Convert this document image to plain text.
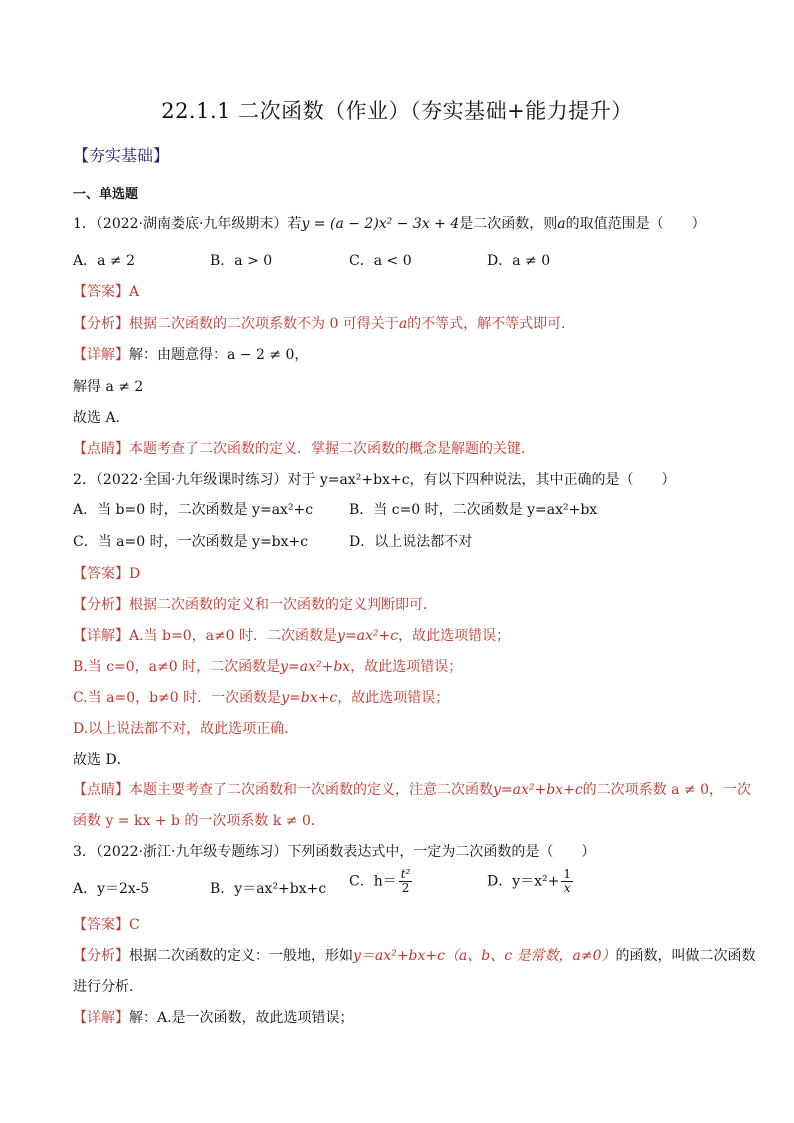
22.1.1 二次函数（作业）（夯实基础+能力提升）
【夯实基础】
一、单选题
1．（2022·湖南娄底·九年级期末）若y = (a − 2)x² − 3x + 4是二次函数，则a的取值范围是（　　）
A．a ≠ 2	B．a > 0	C．a < 0	D．a ≠ 0
【答案】A
【分析】根据二次函数的二次项系数不为 0 可得关于a的不等式，解不等式即可．
【详解】解：由题意得：a − 2 ≠ 0，
解得 a ≠ 2
故选 A．
【点睛】本题考查了二次函数的定义．掌握二次函数的概念是解题的关键．
2．（2022·全国·九年级课时练习）对于 y=ax²+bx+c，有以下四种说法，其中正确的是（　　）
A．当 b=0 时，二次函数是 y=ax²+c	B．当 c=0 时，二次函数是 y=ax²+bx
C．当 a=0 时，一次函数是 y=bx+c	D．以上说法都不对
【答案】D
【分析】根据二次函数的定义和一次函数的定义判断即可．
【详解】A.当 b=0，a≠0 时．二次函数是y=ax²+c，故此选项错误；
B.当 c=0，a≠0 时，二次函数是y=ax²+bx，故此选项错误；
C.当 a=0，b≠0 时．一次函数是y=bx+c，故此选项错误；
D.以上说法都不对，故此选项正确．
故选 D．
【点睛】本题主要考查了二次函数和一次函数的定义，注意二次函数y=ax²+bx+c的二次项系数 a ≠ 0，一次
函数 y = kx + b 的一次项系数 k ≠ 0．
3．（2022·浙江·九年级专题练习）下列函数表达式中，一定为二次函数的是（　　）
A．y＝2x-5	B．y＝ax²+bx+c C．$h= \frac{\text{t²}}{2}$	D．$y=x^2+ \frac{1}{x}$
【答案】C
【分析】根据二次函数的定义：一般地，形如y＝ax²+bx+c（a、b、c 是常数，a≠0）的函数，叫做二次函数
进行分析．
【详解】解：A.是一次函数，故此选项错误；
